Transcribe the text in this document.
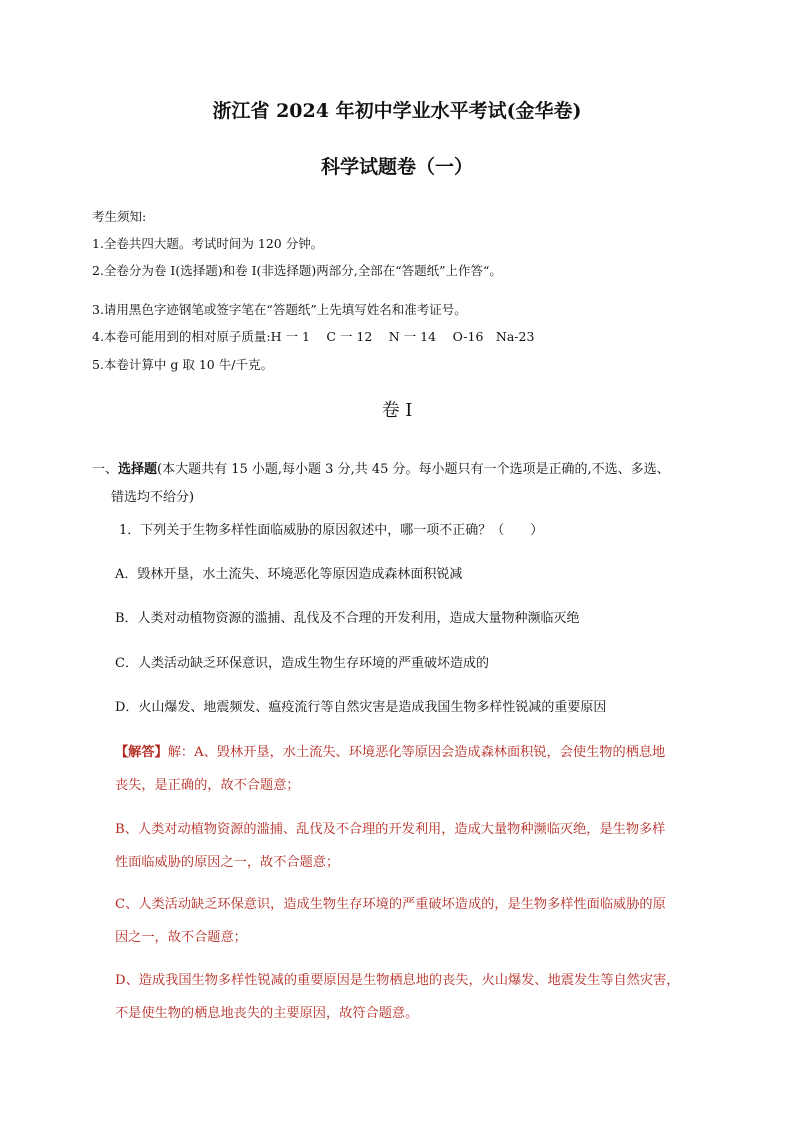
浙江省 2024 年初中学业水平考试(金华卷)
科学试题卷（一）
考生须知:
1.全卷共四大题。考试时间为 120 分钟。
2.全卷分为卷 I(选择题)和卷 I(非选择题)两部分,全部在“答题纸”上作答“。
3.请用黑色字迹钢笔或签字笔在“答题纸”上先填写姓名和准考证号。
4.本卷可能用到的相对原子质量:H 一 1　 C 一 12　 N 一 14　 O-16　Na-23
5.本卷计算中 g 取 10 牛/千克。
卷 I
一、选择题(本大题共有 15 小题,每小题 3 分,共 45 分。每小题只有一个选项是正确的,不选、多选、
错选均不给分)
1．下列关于生物多样性面临威胁的原因叙述中，哪一项不正确？（　　）
A．毁林开垦，水土流失、环境恶化等原因造成森林面积锐减
B．人类对动植物资源的滥捕、乱伐及不合理的开发利用，造成大量物种濒临灭绝
C．人类活动缺乏环保意识，造成生物生存环境的严重破坏造成的
D．火山爆发、地震频发、瘟疫流行等自然灾害是造成我国生物多样性锐减的重要原因
【解答】解：A、毁林开垦，水土流失、环境恶化等原因会造成森林面积锐，会使生物的栖息地
丧失，是正确的，故不合题意；
B、人类对动植物资源的滥捕、乱伐及不合理的开发利用，造成大量物种濒临灭绝，是生物多样
性面临威胁的原因之一，故不合题意；
C、人类活动缺乏环保意识，造成生物生存环境的严重破坏造成的，是生物多样性面临威胁的原
因之一，故不合题意；
D、造成我国生物多样性锐减的重要原因是生物栖息地的丧失，火山爆发、地震发生等自然灾害，
不是使生物的栖息地丧失的主要原因，故符合题意。
